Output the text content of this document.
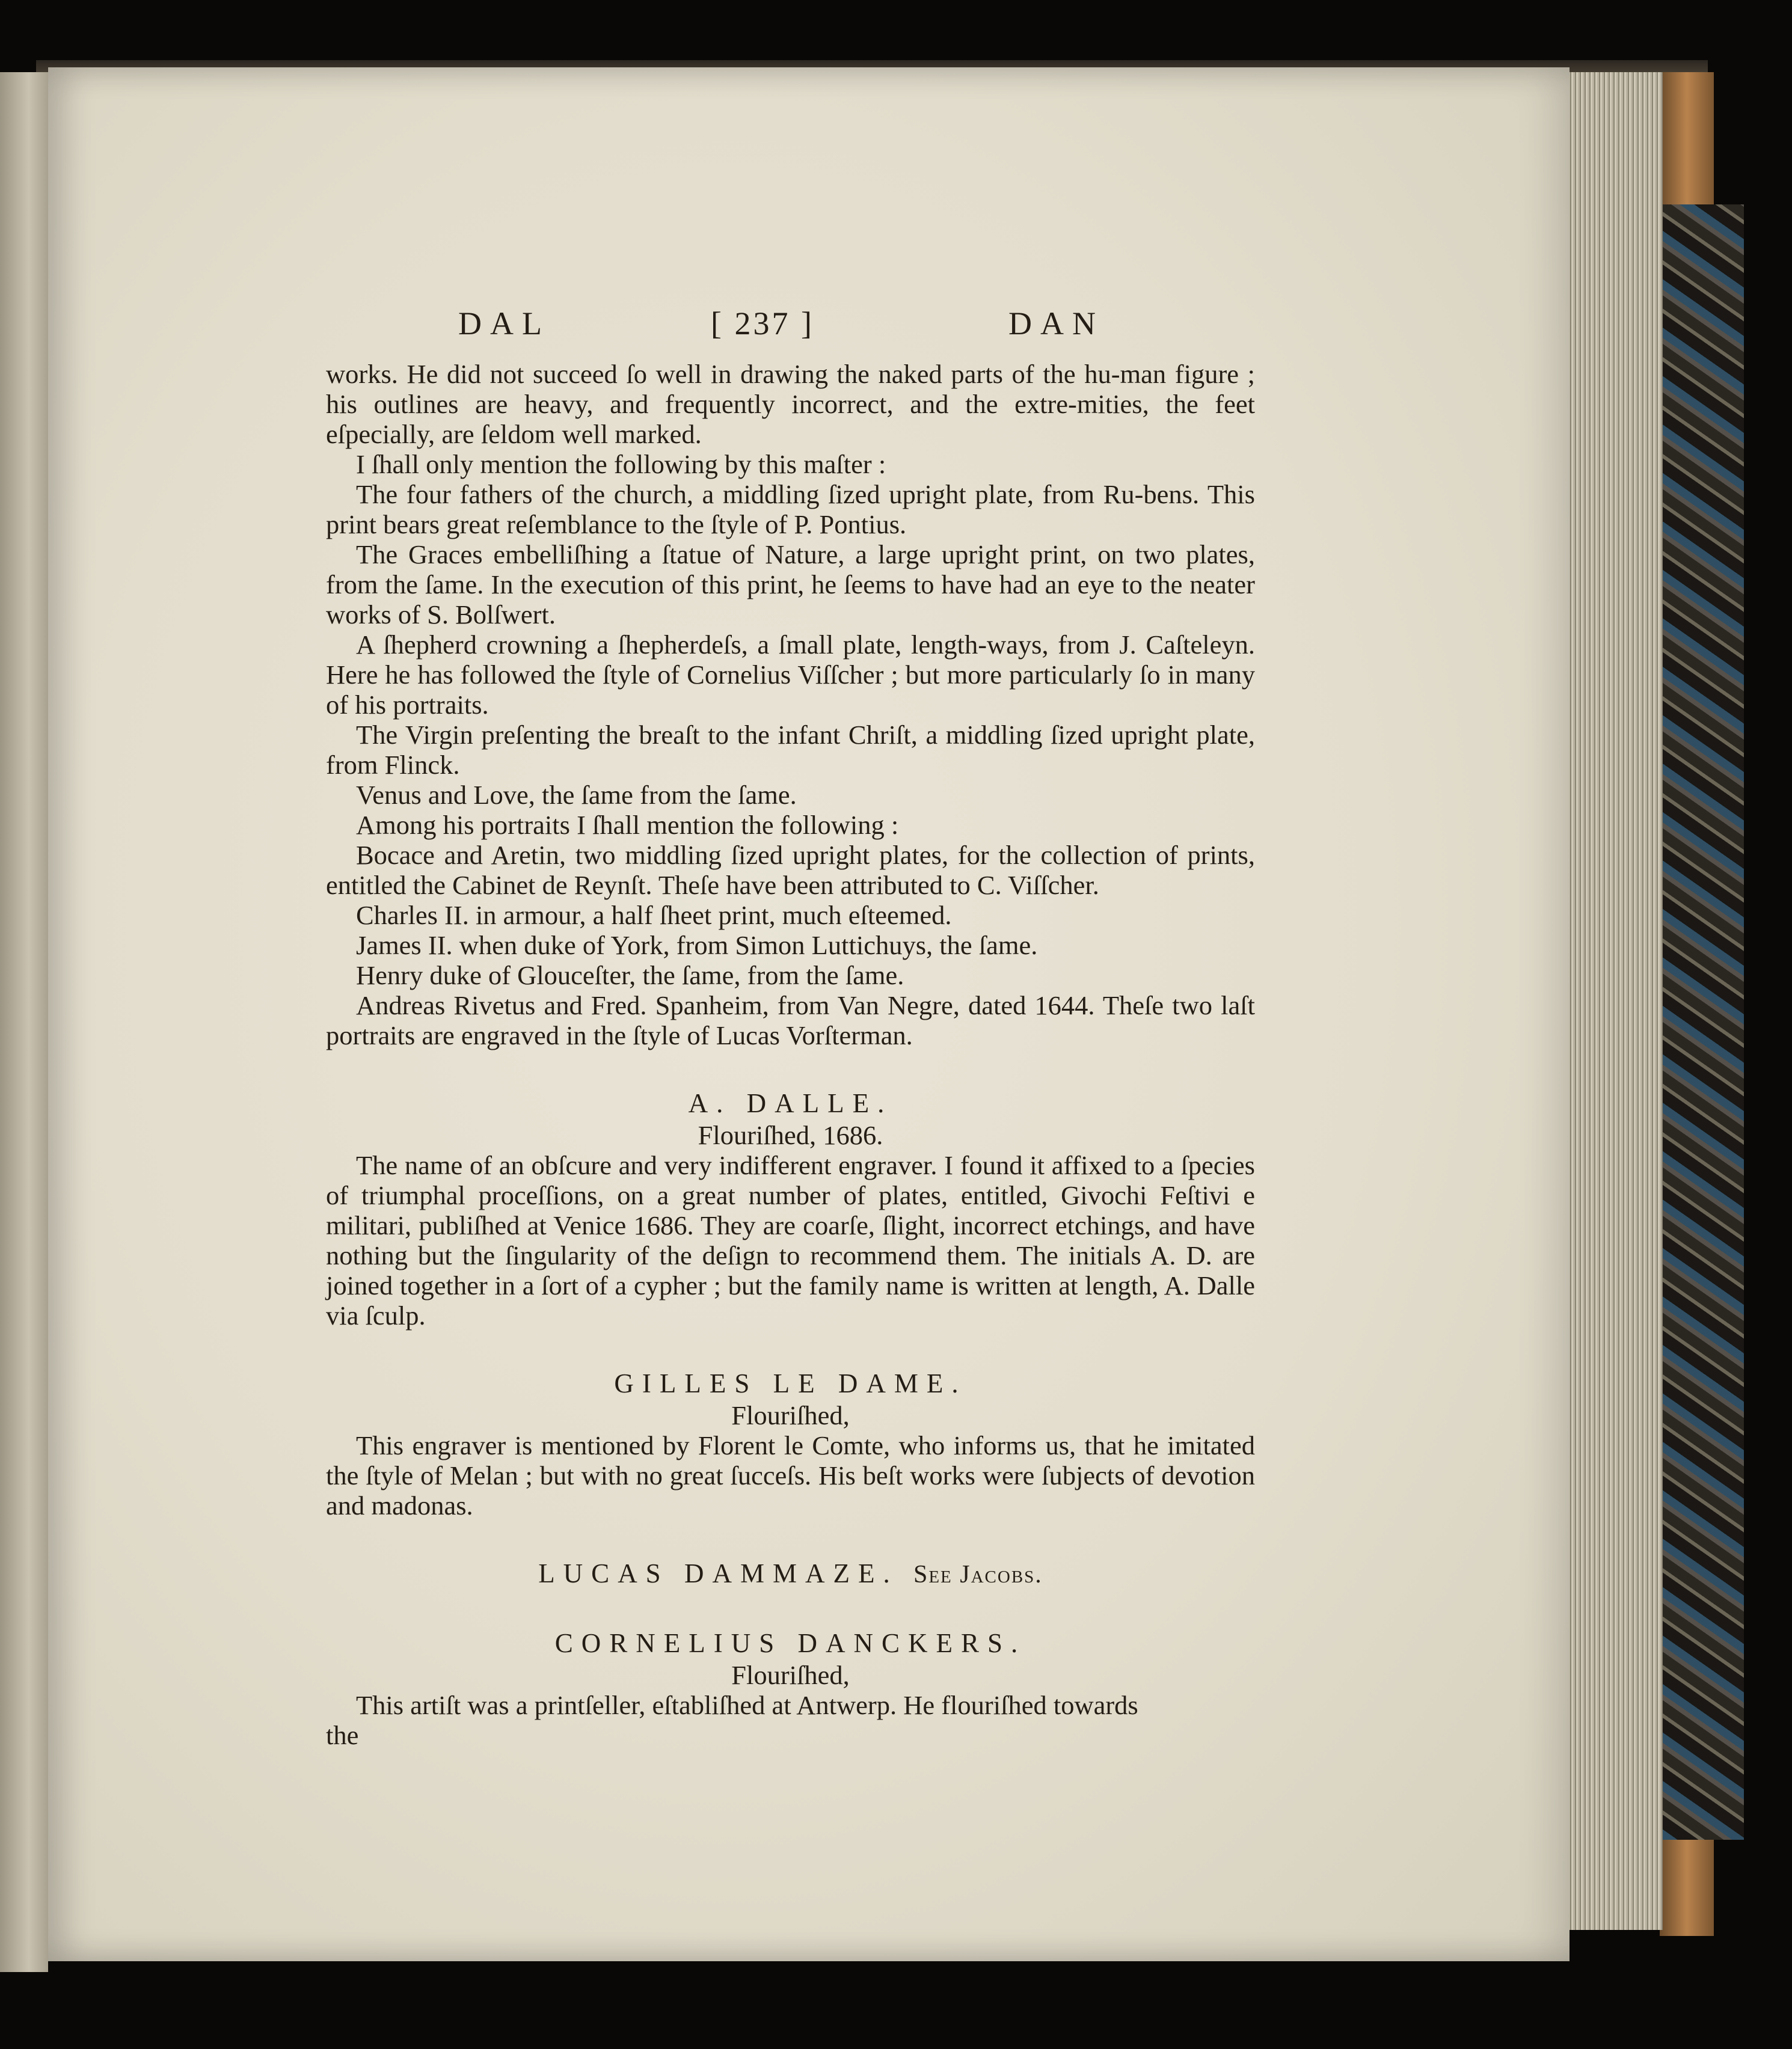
DAL	[ 237 ]	DAN

works. He did not succeed ſo well in drawing the naked parts of the hu-man figure ; his outlines are heavy, and frequently incorrect, and the extre-mities, the feet eſpecially, are ſeldom well marked.

I ſhall only mention the following by this maſter :

The four fathers of the church, a middling ſized upright plate, from Ru-bens. This print bears great reſemblance to the ſtyle of P. Pontius.

The Graces embelliſhing a ſtatue of Nature, a large upright print, on two plates, from the ſame. In the execution of this print, he ſeems to have had an eye to the neater works of S. Bolſwert.

A ſhepherd crowning a ſhepherdeſs, a ſmall plate, length-ways, from J. Caſteleyn. Here he has followed the ſtyle of Cornelius Viſſcher ; but more particularly ſo in many of his portraits.

The Virgin preſenting the breaſt to the infant Chriſt, a middling ſized upright plate, from Flinck.

Venus and Love, the ſame from the ſame.

Among his portraits I ſhall mention the following :

Bocace and Aretin, two middling ſized upright plates, for the collection of prints, entitled the Cabinet de Reynſt. Theſe have been attributed to C. Viſſcher.

Charles II. in armour, a half ſheet print, much eſteemed.

James II. when duke of York, from Simon Luttichuys, the ſame.

Henry duke of Glouceſter, the ſame, from the ſame.

Andreas Rivetus and Fred. Spanheim, from Van Negre, dated 1644. Theſe two laſt portraits are engraved in the ſtyle of Lucas Vorſterman.

A. DALLE.
Flouriſhed, 1686.

The name of an obſcure and very indifferent engraver. I found it affixed to a ſpecies of triumphal proceſſions, on a great number of plates, entitled, Givochi Feſtivi e militari, publiſhed at Venice 1686. They are coarſe, ſlight, incorrect etchings, and have nothing but the ſingularity of the deſign to recommend them. The initials A. D. are joined together in a ſort of a cypher ; but the family name is written at length, A. Dalle via ſculp.

GILLES LE DAME.
Flouriſhed,

This engraver is mentioned by Florent le Comte, who informs us, that he imitated the ſtyle of Melan ; but with no great ſucceſs. His beſt works were ſubjects of devotion and madonas.

LUCAS DAMMAZE. See Jacobs.
CORNELIUS DANCKERS.
Flouriſhed,

This artiſt was a printſeller, eſtabliſhed at Antwerp. He flouriſhed towards

the
